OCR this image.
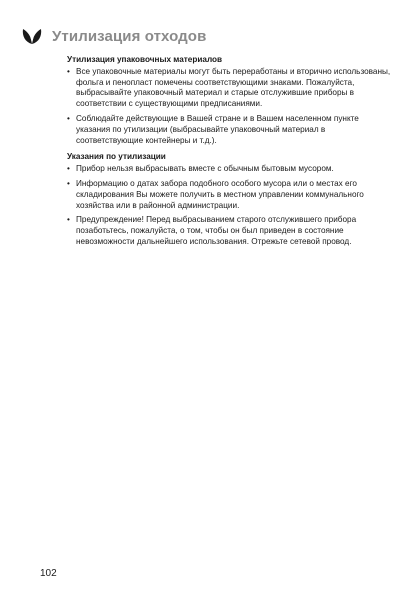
Утилизация отходов

Утилизация упаковочных материалов

• Все упаковочные материалы могут быть переработаны и вторично использованы, фольга и пенопласт помечены соответствующими знаками. Пожалуйста, выбрасывайте упаковочный материал и старые отслужившие приборы в соответствии с существующими предписаниями.
• Соблюдайте действующие в Вашей стране и в Вашем населенном пункте указания по утилизации (выбрасывайте упаковочный материал в соответствующие контейнеры и т.д.).

Указания по утилизации

• Прибор нельзя выбрасывать вместе с обычным бытовым мусором.
• Информацию о датах забора подобного особого мусора или о местах его складирования Вы можете получить в местном управлении коммунального хозяйства или в районной администрации.
• Предупреждение! Перед выбрасыванием старого отслужившего прибора позаботьтесь, пожалуйста, о том, чтобы он был приведен в состояние невозможности дальнейшего использования. Отрежьте сетевой провод.
102
